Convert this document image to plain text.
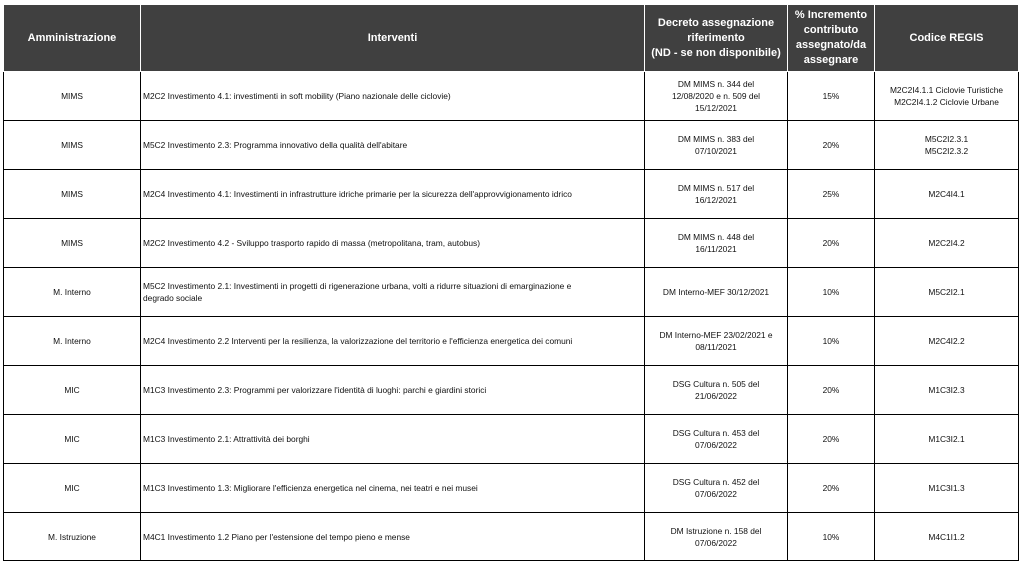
Amministrazione	Interventi	Decreto assegnazione
riferimento
(ND - se non disponibile)	% Incremento
contributo
assegnato/da
assegnare	Codice REGIS
MIMS	M2C2 Investimento 4.1: investimenti in soft mobility (Piano nazionale delle ciclovie)	DM MIMS n. 344 del
12/08/2020 e n. 509 del
15/12/2021	15%	M2C2I4.1.1 Ciclovie Turistiche
M2C2I4.1.2 Ciclovie Urbane
MIMS	M5C2 Investimento 2.3: Programma innovativo della qualità dell'abitare	DM MIMS n. 383 del
07/10/2021	20%	M5C2I2.3.1
M5C2I2.3.2
MIMS	M2C4 Investimento 4.1: Investimenti in infrastrutture idriche primarie per la sicurezza dell'approvvigionamento idrico	DM MIMS n. 517 del
16/12/2021	25%	M2C4I4.1
MIMS	M2C2 Investimento 4.2 - Sviluppo trasporto rapido di massa (metropolitana, tram, autobus)	DM MIMS n. 448 del
16/11/2021	20%	M2C2I4.2
M. Interno	M5C2 Investimento 2.1: Investimenti in progetti di rigenerazione urbana, volti a ridurre situazioni di emarginazione e
degrado sociale	DM Interno-MEF 30/12/2021	10%	M5C2I2.1
M. Interno	M2C4 Investimento 2.2 Interventi per la resilienza, la valorizzazione del territorio e l'efficienza energetica dei comuni	DM Interno-MEF 23/02/2021 e
08/11/2021	10%	M2C4I2.2
MIC	M1C3 Investimento 2.3: Programmi per valorizzare l'identità di luoghi: parchi e giardini storici	DSG Cultura n. 505 del
21/06/2022	20%	M1C3I2.3
MIC	M1C3 Investimento 2.1: Attrattività dei borghi	DSG Cultura n. 453 del
07/06/2022	20%	M1C3I2.1
MIC	M1C3 Investimento 1.3: Migliorare l'efficienza energetica nel cinema, nei teatri e nei musei	DSG Cultura n. 452 del
07/06/2022	20%	M1C3I1.3
M. Istruzione	M4C1 Investimento 1.2 Piano per l'estensione del tempo pieno e mense	DM Istruzione n. 158 del
07/06/2022	10%	M4C1I1.2
